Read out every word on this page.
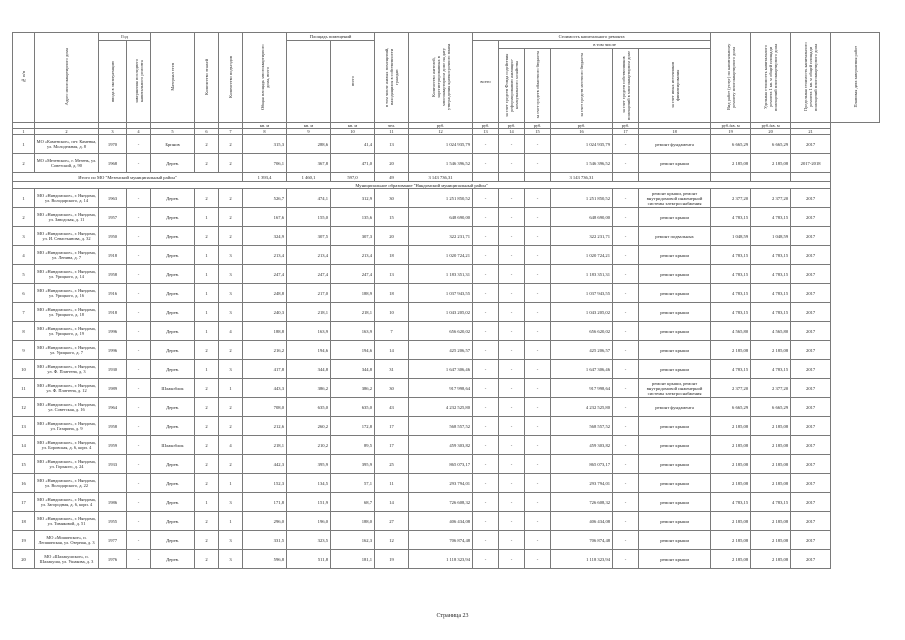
№ п/п	Адрес многоквартирного дома	Год		Материал стен	Количество этажей	Количество подъездов	Общая площадь многоквартирного дома, всего	Площадь помещений		в том числе жилых помещений, находящихся в собственности граждан	Количество жителей, зарегистрированных в многоквартирном доме на дату утверждения краткосрочного плана	Стоимость капитального ремонта						Вид работ (услуг) по капитальному ремонту многоквартирного дома	Удельная стоимость капитального ремонта 1 кв. м общей площади помещений многоквартирного дома	Предельная стоимость капитального ремонта 1 кв. м общей площади помещений многоквартирного дома	Плановая дата завершения работ
		ввода в эксплуатацию	завершения последнего капитального ремонта						всего			всего	в том числе								
													за счет средств Фонда содействия реформированию жилищно-коммунального хозяйства	за счет средств областного бюджета	за счет средств местного бюджета	за счет средств собственников помещений в многоквартирном доме	за счет иных источников финансирования				
							кв. м	кв. м	кв. м	чел.	руб.	руб.	руб.	руб.	руб.	руб.		руб./кв. м	руб./кв. м		
1	2	3	4	5	6	7	8	9	10	11	12	13	14	15	16	17	18	19	20	21	
1	МО «Каменское», пгт. Каменка, ул. Молодежная, д. 8	1970	-	Брпнов	2	2	315,3	288,6	41,4	13	1 024 935,79	-	-	-	1 024 935,79	-	ремонт фундамента	6 665,29	6 665,29	2017	
2	МО «Мезенское», г. Мезень, ул. Советский, д. 90	1968	-	Дерев.	2	2	706,1	367,8	471,0	20	1 546 396,52	-	-	-	1 546 396,52	-	ремонт крыши	2 185,08	2 185,08	2017-2018	
Итого по МО "Мезенский муниципальный район"							1 393,4	1 460,1	597,0	49	3 143 736,31				3 143 736,31						
Муниципальное образование "Няндомский муниципальный район"																					
1	МО «Няндомское», г. Няндома, ул. Володарского, д. 14	1963	-	Дерев.	2	2	526,7	474,1	312,9	30	1 251 850,52	-	-	-	1 251 850,52	-	ремонт крыши, ремонт внутридомовой инженерной системы электроснабжения	2 377,20	2 377,20	2017	
2	МО «Няндомское», г. Няндома, ул. Заводская, д. 11	1957	-	Дерев.	1	2	167,6	155,0	135,6	15	648 690,00	-	-	-	648 690,00	-	ремонт крыши	4 783,15	4 783,15	2017	
3	МО «Няндомское», г. Няндома, ул. И. Севастьянова, д. 32	1950	-	Дерев.	2	2	324,9	307,5	307,3	20	322 231,71	-	-	-	322 231,71	-	ремонт подвальных	1 048,59	1 048,59	2017	
4	МО «Няндомское», г. Няндома, ул. Ленина, д. 7	1918	-	Дерев.	1	3	213,4	213,4	213,4	18	1 020 724,21	-	-	-	1 020 724,21	-	ремонт крыши	4 783,15	4 783,15	2017	
5	МО «Няндомское», г. Няндома, ул. Урицкого, д. 14	1958	-	Дерев.	1	3	247,4	247,4	247,4	13	1 183 351,31	-	-	-	1 183 351,31	-	ремонт крыши	4 783,15	4 783,15	2017	
6	МО «Няндомское», г. Няндома, ул. Урицкого, д. 16	1916	-	Дерев.	1	3	248,8	217,0	188,9	18	1 037 943,55	-	-	-	1 037 943,55	-	ремонт крыши	4 783,15	4 783,15	2017	
7	МО «Няндомское», г. Няндома, ул. Урицкого, д. 18	1918	-	Дерев.	1	3	240,3	218,1	218,1	10	1 043 205,02	-	-	-	1 043 205,02	-	ремонт крыши	4 783,15	4 783,15	2017	
8	МО «Няндомское», г. Няндома, ул. Урицкого, д. 19	1996	-	Дерев.	1	4	188,8	163,9	163,9	7	656 620,02	-	-	-	656 620,02	-	ремонт крыши	4 565,80	4 565,80	2017	
9	МО «Няндомское», г. Няндома, ул. Урицкого, д. 7	1996	-	Дерев.	2	2	216,2	194,6	194,6	14	425 206,57	-	-	-	425 206,57	-	ремонт крыши	2 185,08	2 185,08	2017	
10	МО «Няндомское», г. Няндома, ул. Ф. Платтена, д. 3	1930	-	Дерев.	1	3	417,8	344,8	344,8	31	1 647 306,46	-	-	-	1 647 306,46	-	ремонт крыши	4 783,15	4 783,15	2017	
11	МО «Няндомское», г. Няндома, ул. Ф. Платтена, д. 12	1989	-	Шлакоблок	2	1	443,3	386,2	386,2	30	917 998,64	-	-	-	917 998,64	-	ремонт крыши, ремонт внутридомовой инженерной системы электроснабжения	2 377,20	2 377,20	2017	
12	МО «Няндомское», г. Няндома, ул. Советская, д. 16	1964	-	Дерев.	2	2	708,0	635,0	635,0	43	4 232 525,80	-	-	-	4 232 525,80	-	ремонт фундамента	6 665,29	6 665,29	2017	
13	МО «Няндомское», г. Няндома, ул. Газарина, д. 9	1958	-	Дерев.	2	2	212,6	260,2	172,8	17	568 557,52	-	-	-	568 557,52	-	ремонт крыши	2 185,08	2 185,08	2017	
14	МО «Няндомское», г. Няндома, ул. Боровская, д. 6, корп. 4	1959	-	Шлакоблок	2	4	218,1	210,2	89,5	17	459 303,82	-	-	-	459 303,82	-	ремонт крыши	2 185,08	2 185,08	2017	
15	МО «Няндомское», г. Няндома, ул. Горького, д. 24	1933	-	Дерев.	2	2	442,3	395,9	395,9	25	865 073,17	-	-	-	865 073,17	-	ремонт крыши	2 185,08	2 185,08	2017	
16	МО «Няндомское», г. Няндома, ул. Володарского, д. 22		-	Дерев.	2	1	152,3	134,5	57,1	11	293 794,01	-	-	-	293 794,01	-	ремонт крыши	2 185,08	2 185,08	2017	
17	МО «Няндомское», г. Няндома, ул. Загородная, д. 6, корп. 4	1986	-	Дерев.	1	3	171,8	151,9	68,7	14	726 608,32	-	-	-	726 608,32	-	ремонт крыши	4 783,15	4 783,15	2017	
18	МО «Няндомское», г. Няндома, ул. Тимяковой, д. 51	1955	-	Дерев.	2	1	296,0	196,0	188,0	27	406 434,08	-	-	-	406 434,08	-	ремонт крыши	2 185,08	2 185,08	2017	
19	МО «Мошинское», п. Лепшинская, ул. Озерная, д. 3	1977	-	Дерев.	2	3	331,5	323,5	162,3	12	706 874,48	-	-	-	706 874,48	-	ремонт крыши	2 185,08	2 185,08	2017	
20	МО «Шалакушское», п. Шалакуша, ул. Ушакова, д. 3	1976	-	Дерев.	2	3	596,8	511,8	181,1	19	1 118 323,94	-	-	-	1 118 323,94	-	ремонт крыши	2 185,08	2 185,08	2017	
Страница 23
